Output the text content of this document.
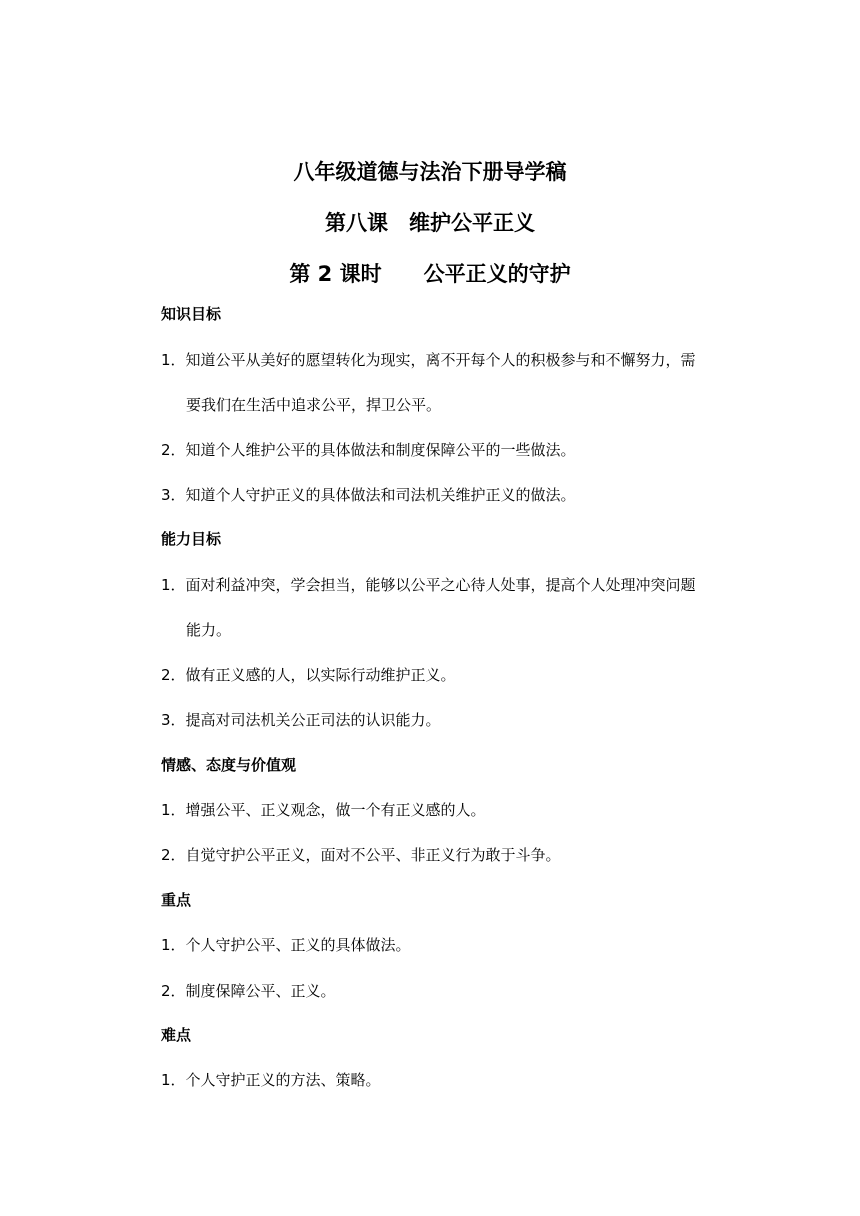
八年级道德与法治下册导学稿
第八课　维护公平正义
第 2 课时　　公平正义的守护
知识目标
1．知道公平从美好的愿望转化为现实，离不开每个人的积极参与和不懈努力，需
要我们在生活中追求公平，捍卫公平。
2．知道个人维护公平的具体做法和制度保障公平的一些做法。
3．知道个人守护正义的具体做法和司法机关维护正义的做法。
能力目标
1．面对利益冲突，学会担当，能够以公平之心待人处事，提高个人处理冲突问题
能力。
2．做有正义感的人，以实际行动维护正义。
3．提高对司法机关公正司法的认识能力。
情感、态度与价值观
1．增强公平、正义观念，做一个有正义感的人。
2．自觉守护公平正义，面对不公平、非正义行为敢于斗争。
重点
1．个人守护公平、正义的具体做法。
2．制度保障公平、正义。
难点
1．个人守护正义的方法、策略。
